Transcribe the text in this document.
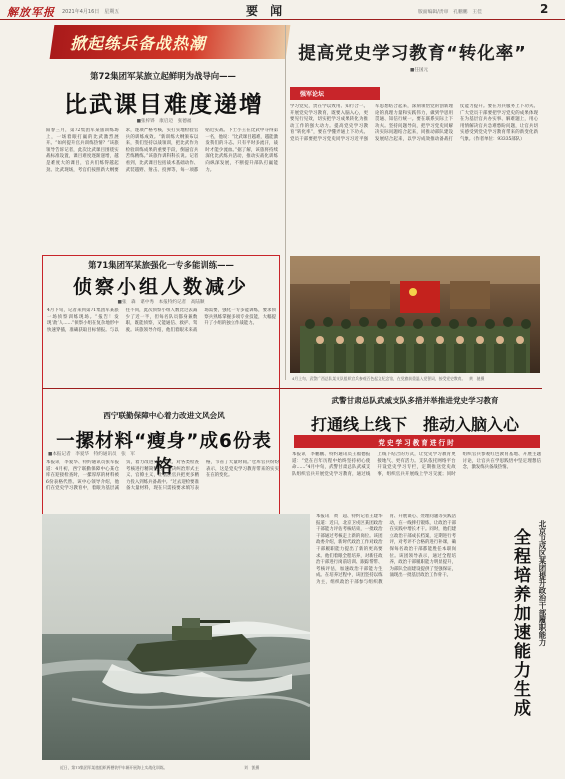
解放军报 2021年4月16日　星期五	要 闻	版面编辑/责审　孔鹏鹏　王佳	2
掀起练兵备战热潮
第72集团军某旅立起鲜明为战导向——
比武课目难度递增
■张梓铧　康启迈　张德福
阳春三月，第72集团军某旅训练场上，一场着眼打赢的比武激烈展开。“如何提升官兵训练热情？”该旅领导告诉记者，此次比武课目围绕实战标准设置，课目难度逐渐递增，越是难度大的课目，官兵们练得越起劲。比武现场，考官们按照新大纲要求，逐项严格考核，实打实地检验官兵的训练成效。“新训练大纲颁布以来，我们坚持以战领训，把比武作为检验训练成果的重要手段，倒逼官兵苦练精练。”该旅作训科科长说。记者看到，比武课目包括战术基础动作、武装越野、射击、投弹等，每一项都贴近实战。下士小王在比武中夺得第一名，他说：“比武课目越难，越能激发我们的斗志。只有平时多流汗，战时才能少流血。”据了解，该旅将持续深化比武练兵活动，推动实战化训练向纵深发展，不断提升部队打赢能力。
第71集团军某旅强化一专多能训练——
侦察小组人数减少
■张　森　谌中秀　本报特约记者　高陆顺
4月下旬，记者来到第71集团军某旅一场侦察训练现场。“报告！发现‘敌’人……”侦察小组在复杂地形中快速穿插，准确获取目标情报。与以往不同，此次侦察小组人数比过去减少了近一半，但每名队员都身兼数职，既能侦察，又能通信、救护、驾驶。该旅领导介绍，他们着眼未来战场需要，强化一专多能训练，要求侦察兵熟练掌握多项专业技能，大幅提升了小组的独立作战能力。
提高党史学习教育“转化率”
■任国元
强军论坛
学习党史，贵在学以致用、知行合一。开展党史学习教育，既要入脑入心，更要见行见效，切实把学习成果转化为推动工作的强大动力。提高党史学习教育“转化率”，要在学懂弄通上下功夫。党员干部要把学习党史同学习习近平强军思想结合起来，深刻领悟党的创新理论的真理力量和实践伟力，做到学思用贯通、知信行统一。要在联系实际上下功夫。坚持问题导向，把学习党史同解决实际问题结合起来，同推动部队建设发展结合起来，以学习成效推动备战打仗能力提升。要在为兵服务上下功夫。广大党员干部要把学习党史的成果体现在为基层官兵办实事、解难题上，用心用情解决官兵急难愁盼问题，让官兵切实感受到党史学习教育带来的新变化新气象。（作者单位：93335部队）
4月上旬，武警广西总队某支队组织官兵参观百色起义纪念馆，在党旗前重温入党誓词，接受党史教育。　黄　驰摄
西宁联勤保障中心着力改进文风会风
一摞材料“瘦身”成6份表格
■本报记者　李爱华　特约通讯员　张　军
本报讯　李爱华、特约通讯员张军报道：4月初，西宁联勤保障中心某仓库在迎接检查时，一摞厚厚的材料被6份表格代替。该中心领导介绍，他们在党史学习教育中，着眼为基层减负，着力改进文风会风，对各类检查考核进行精简整合，坚决纠治形式主义、官僚主义，让基层官兵把更多精力投入到练兵备战中。“过去迎检要准备大量材料，现在只需按要求填写表格，节省了大量时间。”仓库官兵纷纷表示，这是党史学习教育带来的实实在在的变化。
武警甘肃总队武威支队多措并举推进党史学习教育
打通线上线下　推动入脑入心
党史学习教育进行时
本报讯　李鹏鹏、特约通讯员王福德报道：“党在百年历程中始终坚持初心使命……”4月中旬，武警甘肃总队武威支队组织官兵开展党史学习教育，通过线上线下结合的方式，让党史学习教育更接地气、更有活力。支队依托网络平台开设党史学习专栏，定期推送党史故事，组织官兵开展线上学习交流；同时组织官兵参观红色教育基地、开展主题讨论，让官兵在学思践悟中坚定理想信念，激发练兵备战热情。
近日，第73集团军某旅组织两栖装甲车辆开展海上实战化训练。	刘　凯摄
本报讯　黄　超、特约记者王建华报道：近日，北京卫戍区某团政治干部能力评估考核结束，一批政治干部通过考核走上新的岗位。该团政委介绍，新时代政治工作对政治干部履职能力提出了新的更高要求。他们着眼全程培养，对新任政治干部进行岗前培训、跟踪帮带、考核评估，加速政治干部能力生成。在培养过程中，该团坚持以练为主，组织政治干部参与组织教育、开展谈心、处理问题等实践活动，在一线摔打锻炼，让政治干部在实践中增长才干。同时，他们建立政治干部成长档案，定期进行考评，对考评不合格的进行补课，确保每名政治干部都能胜任本职岗位。该团领导表示，通过全程培养，政治干部履职能力明显提升，为部队全面建设提供了坚强保证，涌现出一批基层政治工作骨干。	全程培养加速能力生成	北京卫戍区某团提升政治干部履职能力
